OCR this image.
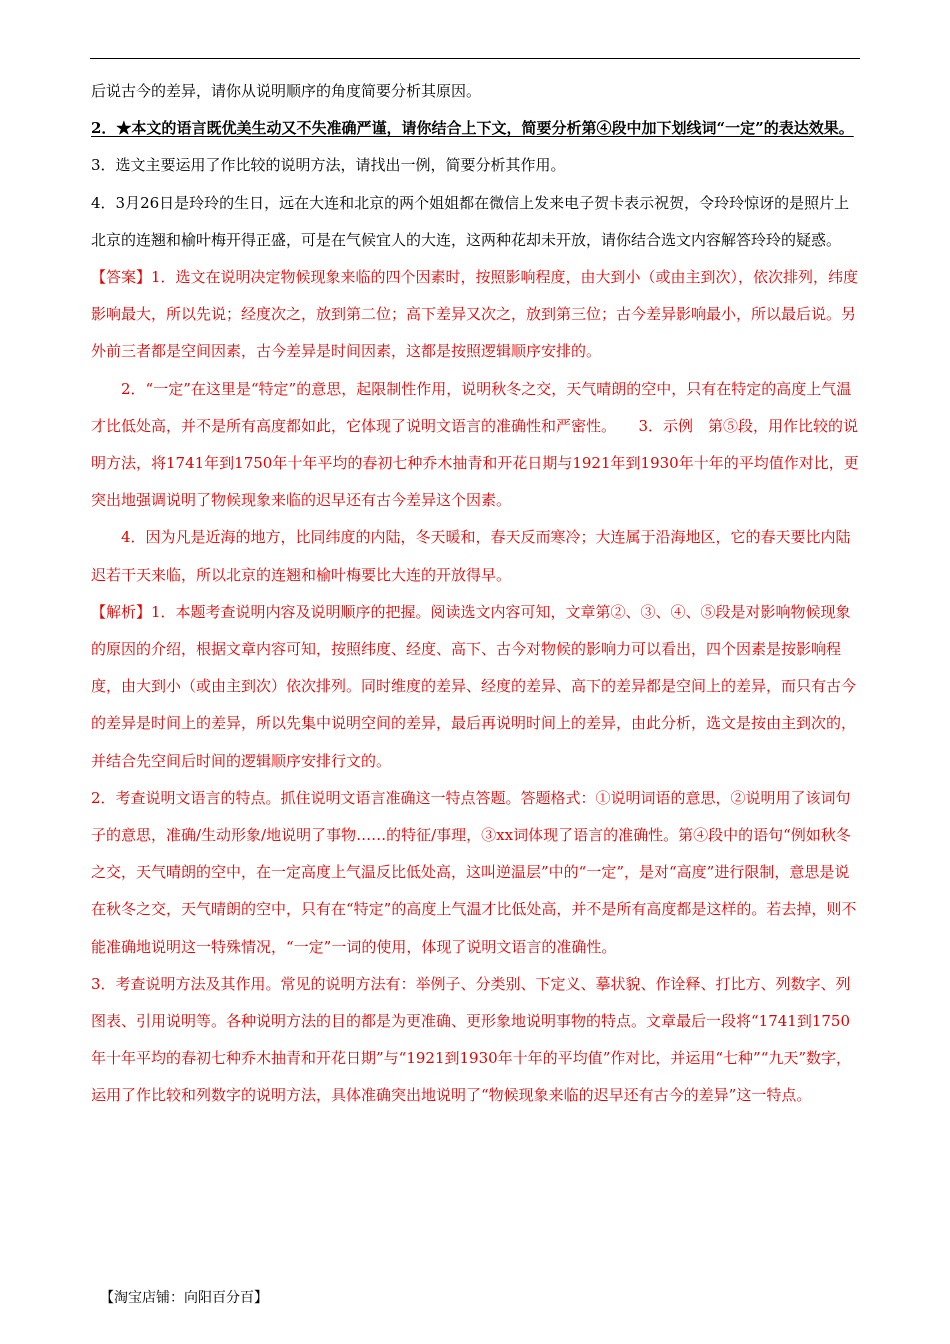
后说古今的差异，请你从说明顺序的角度简要分析其原因。

2．★本文的语言既优美生动又不失准确严谨，请你结合上下文，简要分析第④段中加下划线词“一定”的表达效果。

3．选文主要运用了作比较的说明方法，请找出一例，简要分析其作用。

4．3月26日是玲玲的生日，远在大连和北京的两个姐姐都在微信上发来电子贺卡表示祝贺，令玲玲惊讶的是照片上北京的连翘和榆叶梅开得正盛，可是在气候宜人的大连，这两种花却未开放，请你结合选文内容解答玲玲的疑惑。

【答案】1．选文在说明决定物候现象来临的四个因素时，按照影响程度，由大到小（或由主到次），依次排列，纬度影响最大，所以先说；经度次之，放到第二位；高下差异又次之，放到第三位；古今差异影响最小，所以最后说。另外前三者都是空间因素，古今差异是时间因素，这都是按照逻辑顺序安排的。

2．“一定”在这里是“特定”的意思，起限制性作用，说明秋冬之交，天气晴朗的空中，只有在特定的高度上气温才比低处高，并不是所有高度都如此，它体现了说明文语言的准确性和严密性。　　3．示例　第⑤段，用作比较的说明方法，将1741年到1750年十年平均的春初七种乔木抽青和开花日期与1921年到1930年十年的平均值作对比，更突出地强调说明了物候现象来临的迟早还有古今差异这个因素。

4．因为凡是近海的地方，比同纬度的内陆，冬天暖和，春天反而寒冷；大连属于沿海地区，它的春天要比内陆迟若干天来临，所以北京的连翘和榆叶梅要比大连的开放得早。

【解析】1．本题考查说明内容及说明顺序的把握。阅读选文内容可知，文章第②、③、④、⑤段是对影响物候现象的原因的介绍，根据文章内容可知，按照纬度、经度、高下、古今对物候的影响力可以看出，四个因素是按影响程度，由大到小（或由主到次）依次排列。同时维度的差异、经度的差异、高下的差异都是空间上的差异，而只有古今的差异是时间上的差异，所以先集中说明空间的差异，最后再说明时间上的差异，由此分析，选文是按由主到次的，并结合先空间后时间的逻辑顺序安排行文的。

2．考查说明文语言的特点。抓住说明文语言准确这一特点答题。答题格式：①说明词语的意思，②说明用了该词句子的意思，准确/生动形象/地说明了事物……的特征/事理，③xx词体现了语言的准确性。第④段中的语句“例如秋冬之交，天气晴朗的空中，在一定高度上气温反比低处高，这叫逆温层”中的“一定”，是对“高度”进行限制，意思是说在秋冬之交，天气晴朗的空中，只有在“特定”的高度上气温才比低处高，并不是所有高度都是这样的。若去掉，则不能准确地说明这一特殊情况，“一定”一词的使用，体现了说明文语言的准确性。

3．考查说明方法及其作用。常见的说明方法有：举例子、分类别、下定义、摹状貌、作诠释、打比方、列数字、列图表、引用说明等。各种说明方法的目的都是为更准确、更形象地说明事物的特点。文章最后一段将“1741到1750年十年平均的春初七种乔木抽青和开花日期”与“1921到1930年十年的平均值”作对比，并运用“七种”“九天”数字，运用了作比较和列数字的说明方法，具体准确突出地说明了“物候现象来临的迟早还有古今的差异”这一特点。

【淘宝店铺：向阳百分百】
